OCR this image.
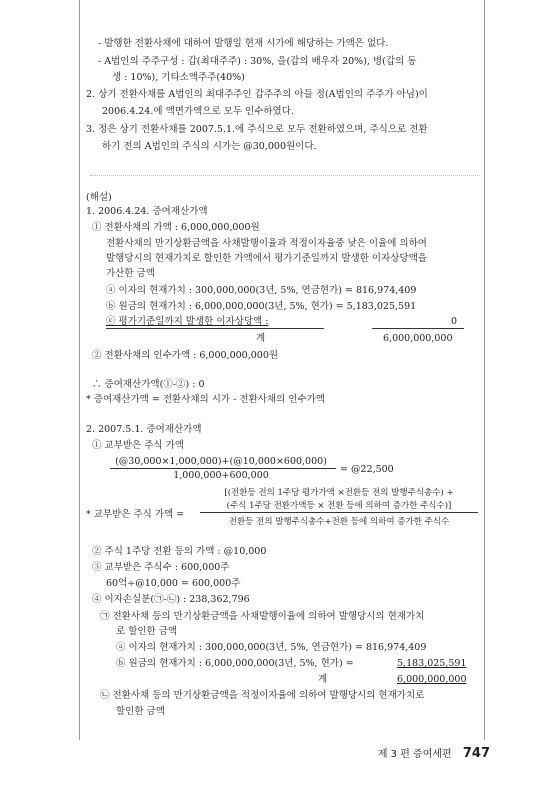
- 발행한 전환사채에 대하여 발행일 현재 시가에 해당하는 가액은 없다.
- A법인의 주주구성 : 갑(최대주주) : 30%, 을(갑의 배우자 20%), 병(갑의 동
생 : 10%), 기타소액주주(40%)
2. 상기 전환사채를 A법인의 최대주주인 갑주주의 아들 정(A법인의 주주가 아님)이
2006.4.24.에 액면가액으로 모두 인수하였다.
3. 정은 상기 전환사채를 2007.5.1.에 주식으로 모두 전환하였으며, 주식으로 전환
하기 전의 A법인의 주식의 시가는 @30,000원이다.
(해설)
1. 2006.4.24. 증여재산가액
① 전환사채의 가액 : 6,000,000,000원
전환사채의 만기상환금액을 사채발행이율과 적정이자율중 낮은 이율에 의하여
발행당시의 현재가치로 할인한 가액에서 평가기준일까지 발생한 이자상당액을
가산한 금액
ⓐ 이자의 현재가치 : 300,000,000(3년, 5%, 연금현가) = 816,974,409
ⓑ 원금의 현재가치 : 6,000,000,000(3년, 5%, 현가) = 5,183,025,591
ⓒ 평가기준일까지 발생한 이자상당액 :	0
계	6,000,000,000
② 전환사채의 인수가액 : 6,000,000,000원
∴ 증여재산가액(①-②) : 0
* 증여재산가액 = 전환사채의 시가 - 전환사채의 인수가액
2. 2007.5.1. 증여재산가액
① 교부받은 주식 가액
= @22,500
* 교부받은 주식 가액 =
② 주식 1주당 전환 등의 가액 : @10,000
③ 교부받은 주식수 : 600,000주
60억÷@10,000 = 600,000주
④ 이자손실분(㉠-㉡) : 238,362,796
㉠ 전환사채 등의 만기상환금액을 사채발행이율에 의하여 발행당시의 현재가치
로 할인한 금액
ⓐ 이자의 현재가치 : 300,000,000(3년, 5%, 연금현가) = 816,974,409
ⓑ 원금의 현재가치 : 6,000,000,000(3년, 5%, 현가) =	5,183,025,591
계	6,000,000,000
㉡ 전환사채 등의 만기상환금액을 적정이자율에 의하여 발행당시의 현재가치로
할인한 금액
(@30,000×1,000,000)+(@10,000×600,000)
1,000,000+600,000
[(전환등 전의 1주당 평가가액 ×전환등 전의 발행주식총수) +
(주식 1주당 전환가액등 × 전환 등에 의하여 증가한 주식수)]
전환등 전의 발행주식총수+전환 등에 의하여 증가한 주식수
제 3 편 증여세편 747
